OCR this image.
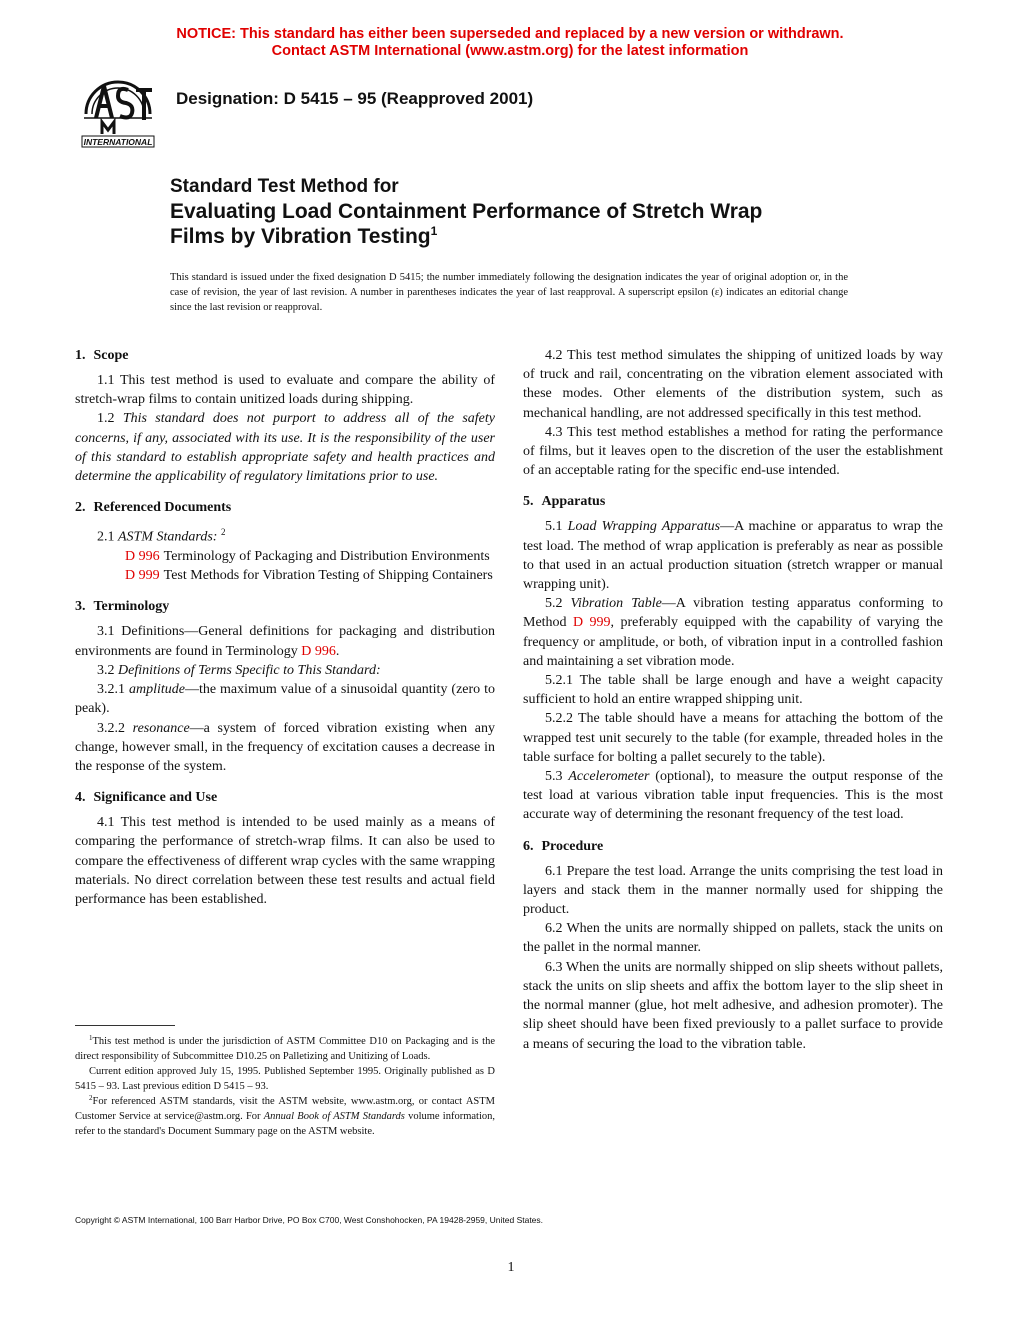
NOTICE: This standard has either been superseded and replaced by a new version or withdrawn.
Contact ASTM International (www.astm.org) for the latest information
INTERNATIONAL
Designation: D 5415 – 95 (Reapproved 2001)
Standard Test Method for
Evaluating Load Containment Performance of Stretch Wrap
Films by Vibration Testing$^1$
This standard is issued under the fixed designation D 5415; the number immediately following the designation indicates the year of original adoption or, in the case of revision, the year of last revision. A number in parentheses indicates the year of last reapproval. A superscript epsilon (ε) indicates an editorial change since the last revision or reapproval.
1. Scope

1.1 This test method is used to evaluate and compare the ability of stretch-wrap films to contain unitized loads during shipping.

1.2 This standard does not purport to address all of the safety concerns, if any, associated with its use. It is the responsibility of the user of this standard to establish appropriate safety and health practices and determine the applicability of regulatory limitations prior to use.

2. Referenced Documents

2.1 ASTM Standards: $^2$

D 996 Terminology of Packaging and Distribution Environments

D 999 Test Methods for Vibration Testing of Shipping Containers

3. Terminology

3.1 Definitions—General definitions for packaging and distribution environments are found in Terminology D 996.

3.2 Definitions of Terms Specific to This Standard:

3.2.1 amplitude—the maximum value of a sinusoidal quantity (zero to peak).

3.2.2 resonance—a system of forced vibration existing when any change, however small, in the frequency of excitation causes a decrease in the response of the system.

4. Significance and Use

4.1 This test method is intended to be used mainly as a means of comparing the performance of stretch-wrap films. It can also be used to compare the effectiveness of different wrap cycles with the same wrapping materials. No direct correlation between these test results and actual field performance has been established.

4.2 This test method simulates the shipping of unitized loads by way of truck and rail, concentrating on the vibration element associated with these modes. Other elements of the distribution system, such as mechanical handling, are not addressed specifically in this test method.

4.3 This test method establishes a method for rating the performance of films, but it leaves open to the discretion of the user the establishment of an acceptable rating for the specific end-use intended.

5. Apparatus

5.1 Load Wrapping Apparatus—A machine or apparatus to wrap the test load. The method of wrap application is preferably as near as possible to that used in an actual production situation (stretch wrapper or manual wrapping unit).

5.2 Vibration Table—A vibration testing apparatus conforming to Method D 999, preferably equipped with the capability of varying the frequency or amplitude, or both, of vibration input in a controlled fashion and maintaining a set vibration mode.

5.2.1 The table shall be large enough and have a weight capacity sufficient to hold an entire wrapped shipping unit.

5.2.2 The table should have a means for attaching the bottom of the wrapped test unit securely to the table (for example, threaded holes in the table surface for bolting a pallet securely to the table).

5.3 Accelerometer (optional), to measure the output response of the test load at various vibration table input frequencies. This is the most accurate way of determining the resonant frequency of the test load.

6. Procedure

6.1 Prepare the test load. Arrange the units comprising the test load in layers and stack them in the manner normally used for shipping the product.

6.2 When the units are normally shipped on pallets, stack the units on the pallet in the normal manner.

6.3 When the units are normally shipped on slip sheets without pallets, stack the units on slip sheets and affix the bottom layer to the slip sheet in the normal manner (glue, hot melt adhesive, and adhesion promoter). The slip sheet should have been fixed previously to a pallet surface to provide a means of securing the load to the vibration table.

$^1$This test method is under the jurisdiction of ASTM Committee D10 on Packaging and is the direct responsibility of Subcommittee D10.25 on Palletizing and Unitizing of Loads.

Current edition approved July 15, 1995. Published September 1995. Originally published as D 5415 – 93. Last previous edition D 5415 – 93.

$^2$For referenced ASTM standards, visit the ASTM website, www.astm.org, or contact ASTM Customer Service at service@astm.org. For Annual Book of ASTM Standards volume information, refer to the standard's Document Summary page on the ASTM website.

Copyright © ASTM International, 100 Barr Harbor Drive, PO Box C700, West Conshohocken, PA 19428-2959, United States.
1
